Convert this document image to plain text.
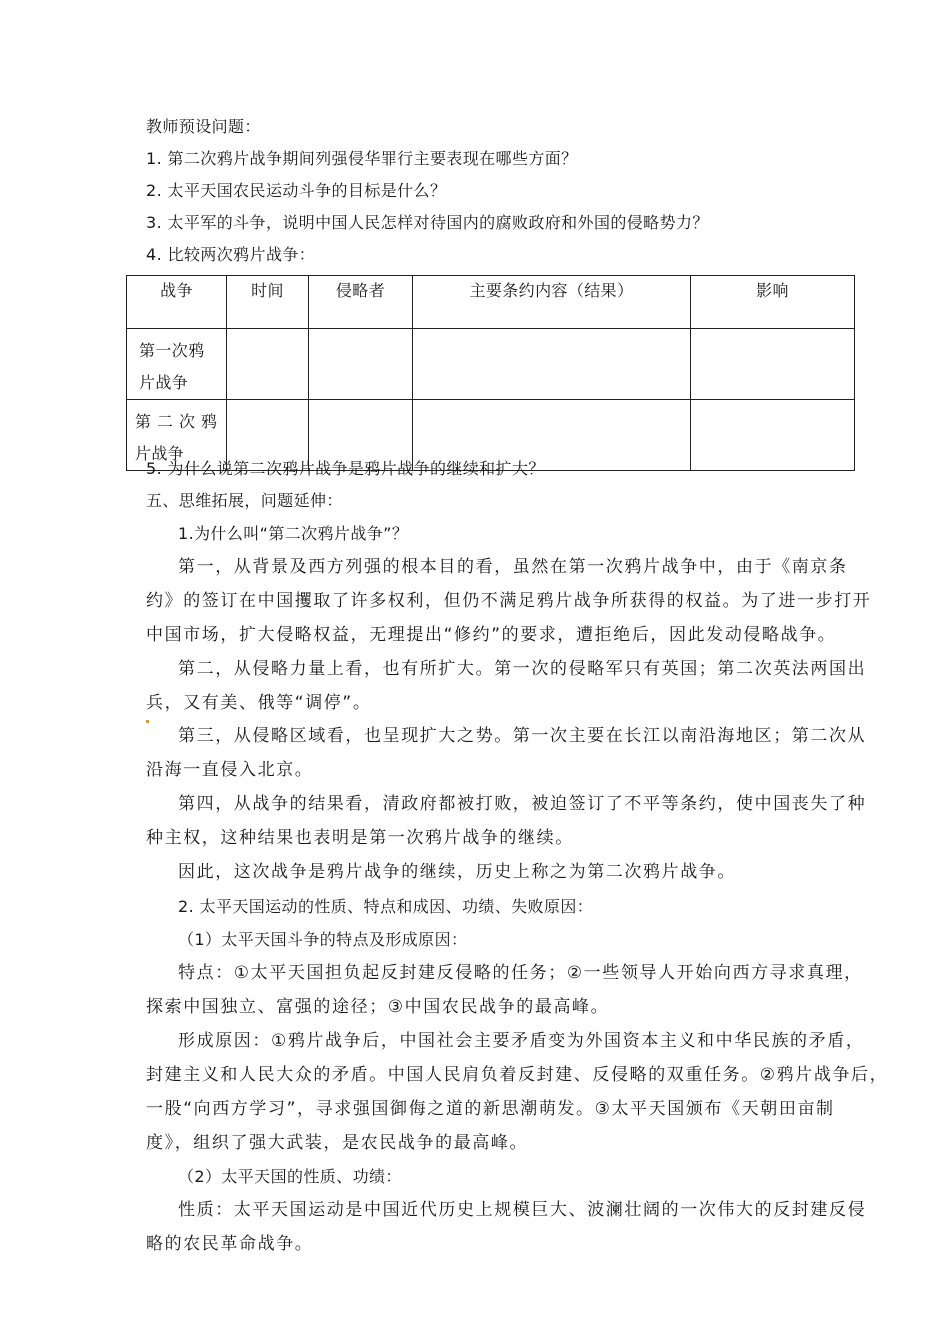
教师预设问题：
1. 第二次鸦片战争期间列强侵华罪行主要表现在哪些方面？
2. 太平天国农民运动斗争的目标是什么？
3. 太平军的斗争，说明中国人民怎样对待国内的腐败政府和外国的侵略势力？
4. 比较两次鸦片战争：
战争	时间	侵略者	主要条约内容（结果）	影响

第一次鸦
片战争				

第二次鸦
片战争				

5. 为什么说第二次鸦片战争是鸦片战争的继续和扩大？
五、思维拓展，问题延伸：
1.为什么叫“第二次鸦片战争”？
第一，从背景及西方列强的根本目的看，虽然在第一次鸦片战争中，由于《南京条
约》的签订在中国攫取了许多权利，但仍不满足鸦片战争所获得的权益。为了进一步打开
中国市场，扩大侵略权益，无理提出“修约”的要求，遭拒绝后，因此发动侵略战争。
第二，从侵略力量上看，也有所扩大。第一次的侵略军只有英国；第二次英法两国出
兵，又有美、俄等“调停”。
第三，从侵略区域看，也呈现扩大之势。第一次主要在长江以南沿海地区；第二次从
沿海一直侵入北京。
第四，从战争的结果看，清政府都被打败，被迫签订了不平等条约，使中国丧失了种
种主权，这种结果也表明是第一次鸦片战争的继续。
因此，这次战争是鸦片战争的继续，历史上称之为第二次鸦片战争。
2. 太平天国运动的性质、特点和成因、功绩、失败原因：
（1）太平天国斗争的特点及形成原因：
特点：①太平天国担负起反封建反侵略的任务；②一些领导人开始向西方寻求真理，
探索中国独立、富强的途径；③中国农民战争的最高峰。
形成原因：①鸦片战争后，中国社会主要矛盾变为外国资本主义和中华民族的矛盾，
封建主义和人民大众的矛盾。中国人民肩负着反封建、反侵略的双重任务。②鸦片战争后，
一股“向西方学习”，寻求强国御侮之道的新思潮萌发。③太平天国颁布《天朝田亩制
度》，组织了强大武装，是农民战争的最高峰。
（2）太平天国的性质、功绩：
性质：太平天国运动是中国近代历史上规模巨大、波澜壮阔的一次伟大的反封建反侵
略的农民革命战争。
